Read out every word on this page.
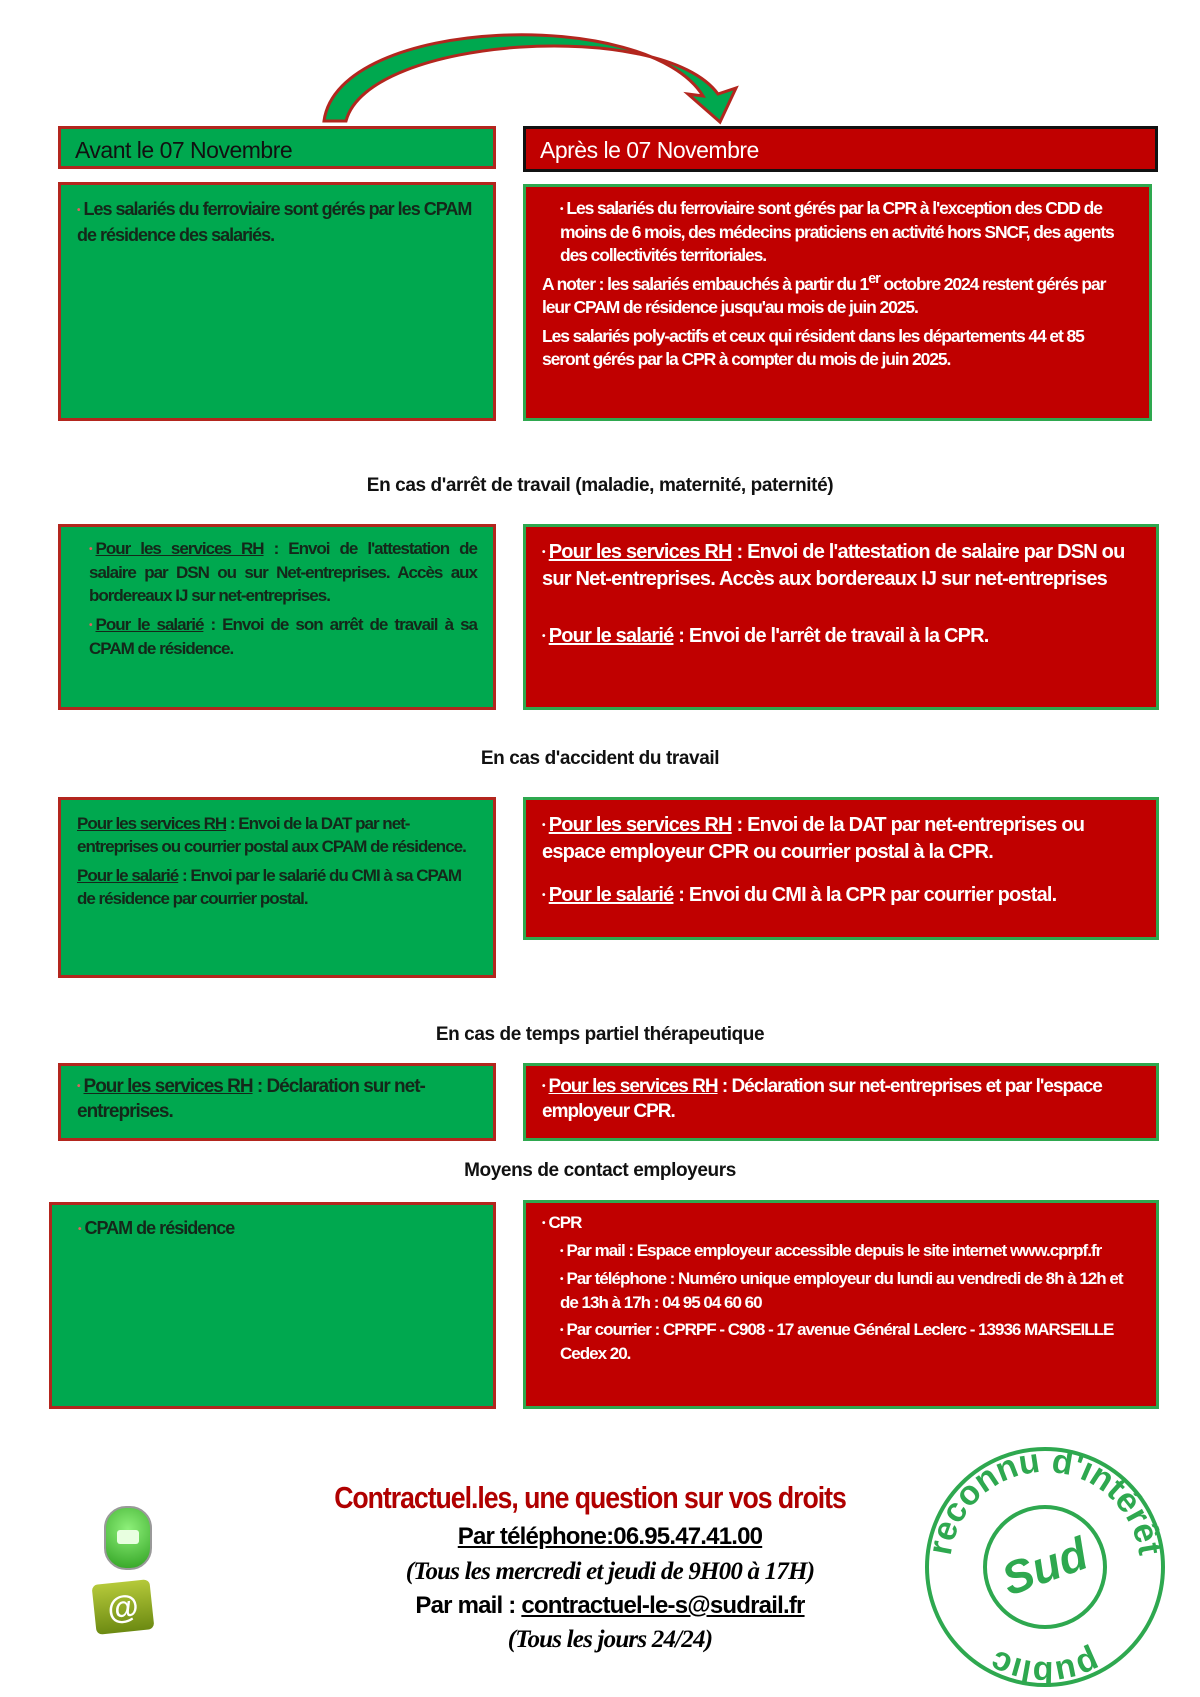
Avant le 07 Novembre	Après le 07 Novembre

• Les salariés du ferroviaire sont gérés par les CPAM de résidence des salariés.

• Les salariés du ferroviaire sont gérés par la CPR à l'exception des CDD de moins de 6 mois, des médecins praticiens en activité hors SNCF, des agents des collectivités territoriales.

A noter : les salariés embauchés à partir du 1er octobre 2024 restent gérés par leur CPAM de résidence jusqu'au mois de juin 2025.

Les salariés poly-actifs et ceux qui résident dans les départements 44 et 85 seront gérés par la CPR à compter du mois de juin 2025.

En cas d'arrêt de travail (maladie, maternité, paternité)

• Pour les services RH : Envoi de l'attestation de salaire par DSN ou sur Net-entreprises. Accès aux bordereaux IJ sur net-entreprises.

• Pour le salarié : Envoi de son arrêt de travail à sa CPAM de résidence.

• Pour les services RH : Envoi de l'attestation de salaire par DSN ou sur Net-entreprises. Accès aux bordereaux IJ sur net-entreprises

• Pour le salarié : Envoi de l'arrêt de travail à la CPR.

En cas d'accident du travail

Pour les services RH : Envoi de la DAT par net-entreprises ou courrier postal aux CPAM de résidence.

Pour le salarié : Envoi par le salarié du CMI à sa CPAM de résidence par courrier postal.

• Pour les services RH : Envoi de la DAT par net-entreprises ou espace employeur CPR ou courrier postal à la CPR.

• Pour le salarié : Envoi du CMI à la CPR par courrier postal.

En cas de temps partiel thérapeutique

• Pour les services RH : Déclaration sur net-entreprises.

• Pour les services RH : Déclaration sur net-entreprises et par l'espace employeur CPR.

Moyens de contact employeurs

• CPAM de résidence	• CPR

• Par mail : Espace employeur accessible depuis le site internet www.cprpf.fr

• Par téléphone : Numéro unique employeur du lundi au vendredi de 8h à 12h et de 13h à 17h : 04 95 04 60 60

• Par courrier : CPRPF - C908 - 17 avenue Général Leclerc - 13936 MARSEILLE Cedex 20.

@
Contractuel.les, une question sur vos droits
Par téléphone:06.95.47.41.00
(Tous les mercredi et jeudi de 9H00 à 17H)
Par mail : contractuel-le-s@sudrail.fr
(Tous les jours 24/24)
reconnu d'intérêt
public
Sud
